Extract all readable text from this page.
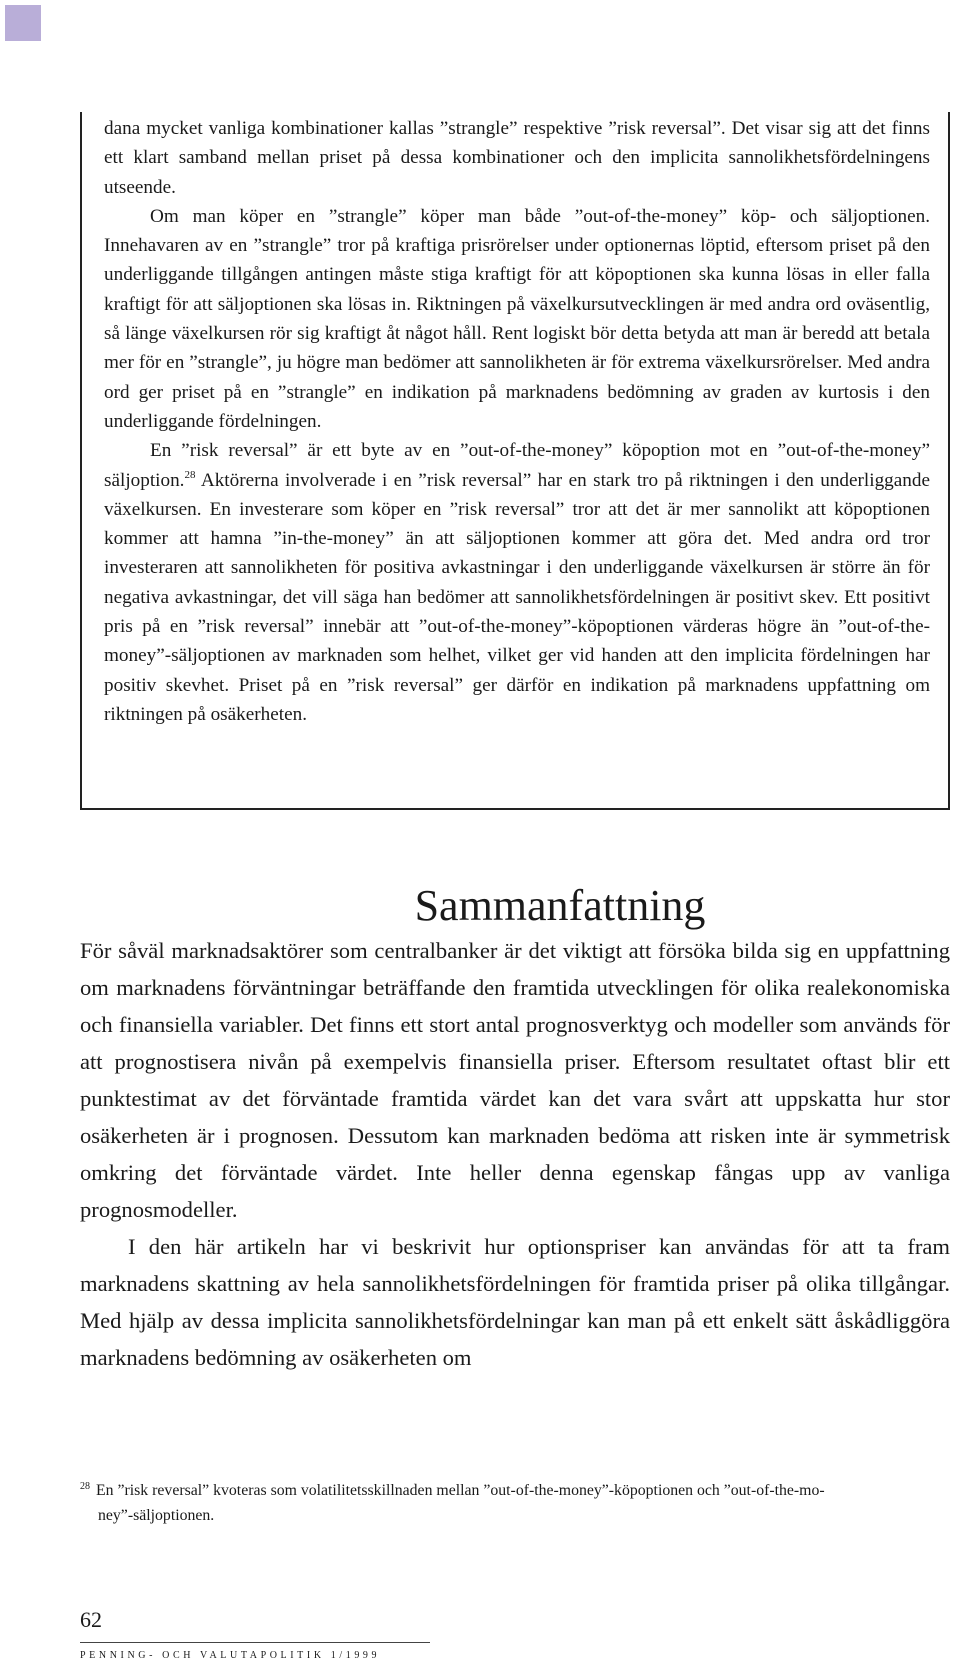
dana mycket vanliga kombinationer kallas ”strangle” respektive ”risk reversal”. Det visar sig att det finns ett klart samband mellan priset på dessa kombinationer och den implicita sannolikhetsfördelningens utseende.

Om man köper en ”strangle” köper man både ”out-of-the-money” köp- och säljoptionen. Innehavaren av en ”strangle” tror på kraftiga prisrörelser under optionernas löptid, eftersom priset på den underliggande tillgången antingen måste stiga kraftigt för att köpoptionen ska kunna lösas in eller falla kraftigt för att säljoptionen ska lösas in. Riktningen på växelkursutvecklingen är med andra ord oväsentlig, så länge växelkursen rör sig kraftigt åt något håll. Rent logiskt bör detta betyda att man är beredd att betala mer för en ”strangle”, ju högre man bedömer att sannolikheten är för extrema växelkursrörelser. Med andra ord ger priset på en ”strangle” en indikation på marknadens bedömning av graden av kurtosis i den underliggande fördelningen.

En ”risk reversal” är ett byte av en ”out-of-the-money” köpoption mot en ”out-of-the-money” säljoption.$^{28}$ Aktörerna involverade i en ”risk reversal” har en stark tro på riktningen i den underliggande växelkursen. En investerare som köper en ”risk reversal” tror att det är mer sannolikt att köpoptionen kommer att hamna ”in-the-money” än att säljoptionen kommer att göra det. Med andra ord tror investeraren att sannolikheten för positiva avkastningar i den underliggande växelkursen är större än för negativa avkastningar, det vill säga han bedömer att sannolikhetsfördelningen är positivt skev. Ett positivt pris på en ”risk reversal” innebär att ”out-of-the-money”-köpoptionen värderas högre än ”out-of-the-money”-säljoptionen av marknaden som helhet, vilket ger vid handen att den implicita fördelningen har positiv skevhet. Priset på en ”risk reversal” ger därför en indikation på marknadens uppfattning om riktningen på osäkerheten.

Sammanfattning

För såväl marknadsaktörer som centralbanker är det viktigt att försöka bilda sig en uppfattning om marknadens förväntningar beträffande den framtida utvecklingen för olika realekonomiska och finansiella variabler. Det finns ett stort antal prognosverktyg och modeller som används för att prognostisera nivån på exempelvis finansiella priser. Eftersom resultatet oftast blir ett punktestimat av det förväntade framtida värdet kan det vara svårt att uppskatta hur stor osäkerheten är i prognosen. Dessutom kan marknaden bedöma att risken inte är symmetrisk omkring det förväntade värdet. Inte heller denna egenskap fångas upp av vanliga prognosmodeller.

I den här artikeln har vi beskrivit hur optionspriser kan användas för att ta fram marknadens skattning av hela sannolikhetsfördelningen för framtida priser på olika tillgångar. Med hjälp av dessa implicita sannolikhetsfördelningar kan man på ett enkelt sätt åskådliggöra marknadens bedömning av osäkerheten om

$^{28}$ En ”risk reversal” kvoteras som volatilitetsskillnaden mellan ”out-of-the-money”-köpoptionen och ”out-of-the-mo-
ney”-säljoptionen.
62
PENNING- OCH VALUTAPOLITIK 1/1999
